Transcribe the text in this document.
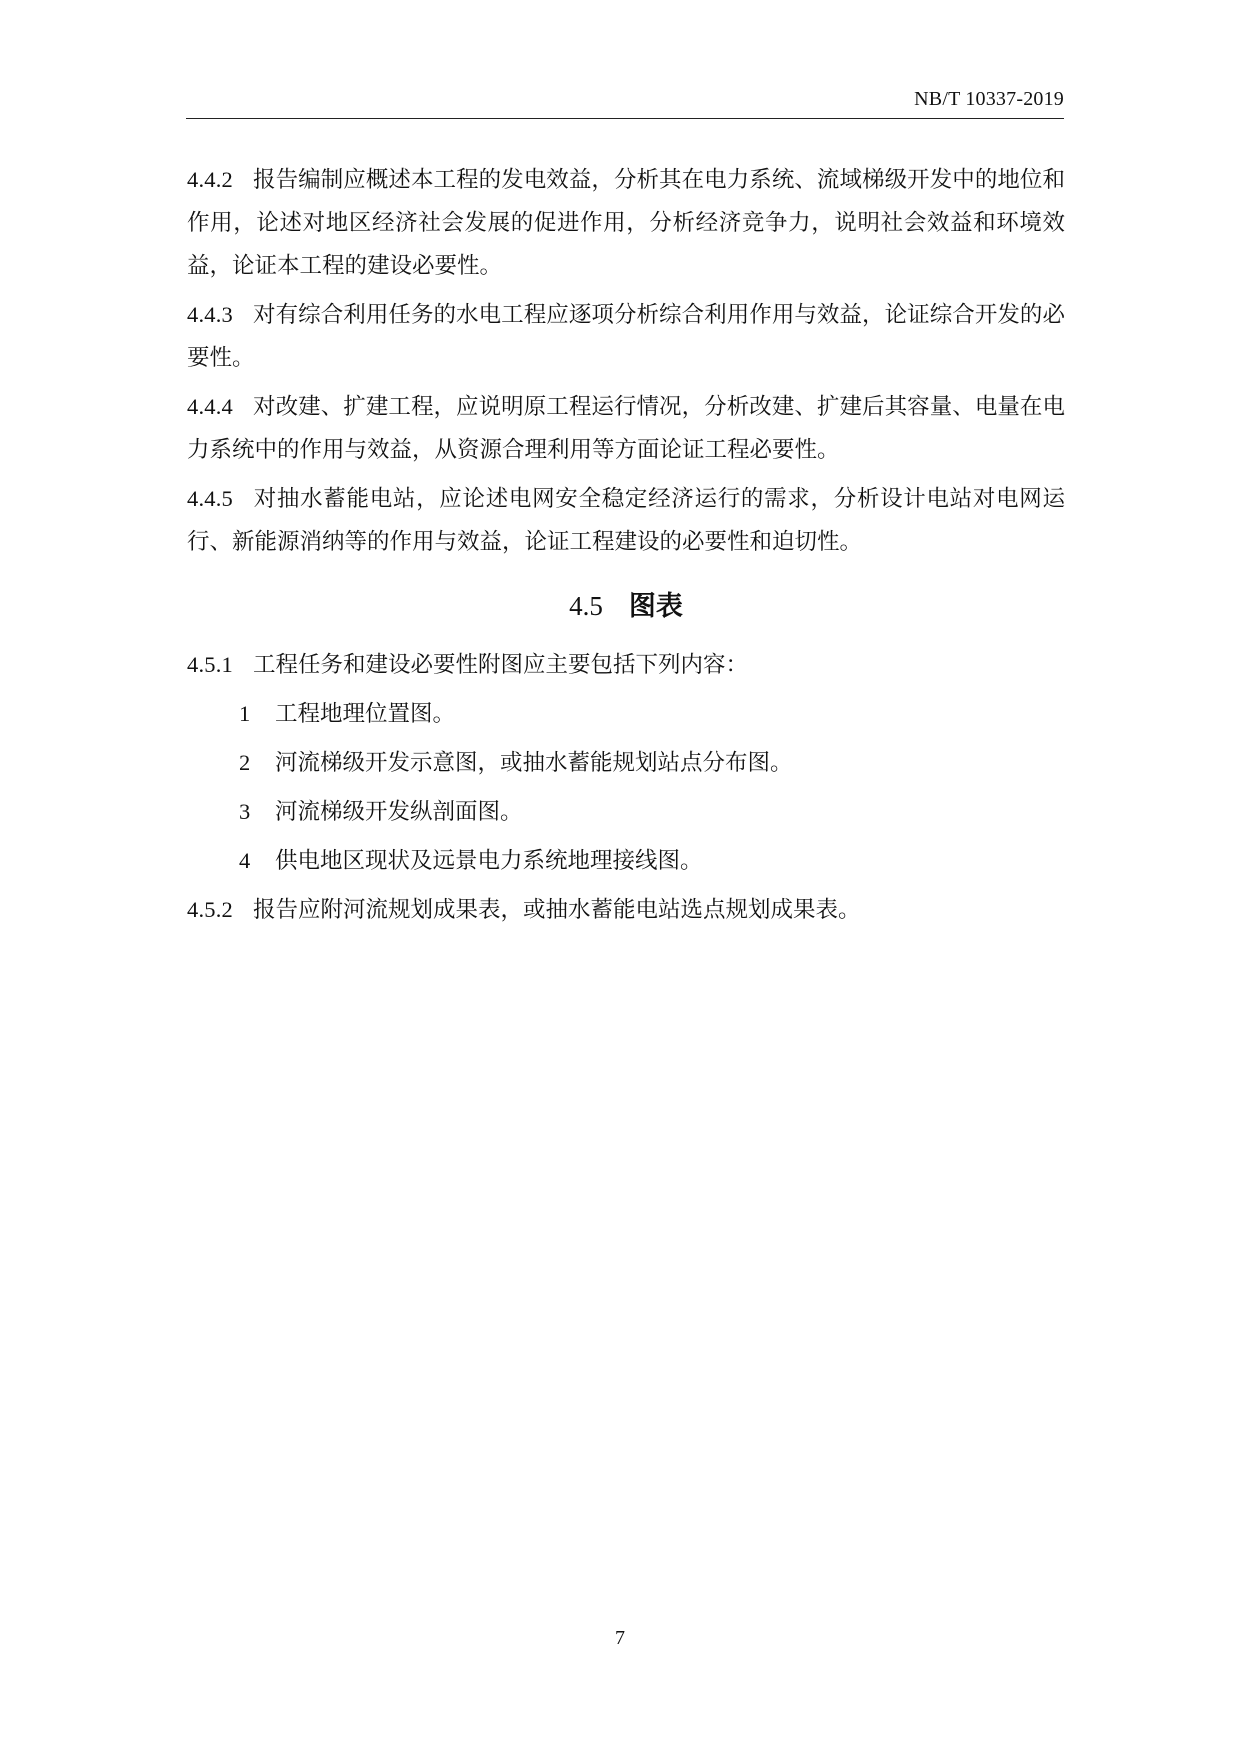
NB/T 10337-2019

4.4.2 报告编制应概述本工程的发电效益，分析其在电力系统、流域梯级开发中的地位和作用，论述对地区经济社会发展的促进作用，分析经济竞争力，说明社会效益和环境效益，论证本工程的建设必要性。

4.4.3 对有综合利用任务的水电工程应逐项分析综合利用作用与效益，论证综合开发的必要性。

4.4.4 对改建、扩建工程，应说明原工程运行情况，分析改建、扩建后其容量、电量在电力系统中的作用与效益，从资源合理利用等方面论证工程必要性。

4.4.5 对抽水蓄能电站，应论述电网安全稳定经济运行的需求，分析设计电站对电网运行、新能源消纳等的作用与效益，论证工程建设的必要性和迫切性。

4.5 图表

4.5.1 工程任务和建设必要性附图应主要包括下列内容：

1 工程地理位置图。
2 河流梯级开发示意图，或抽水蓄能规划站点分布图。
3 河流梯级开发纵剖面图。
4 供电地区现状及远景电力系统地理接线图。

4.5.2 报告应附河流规划成果表，或抽水蓄能电站选点规划成果表。

7
